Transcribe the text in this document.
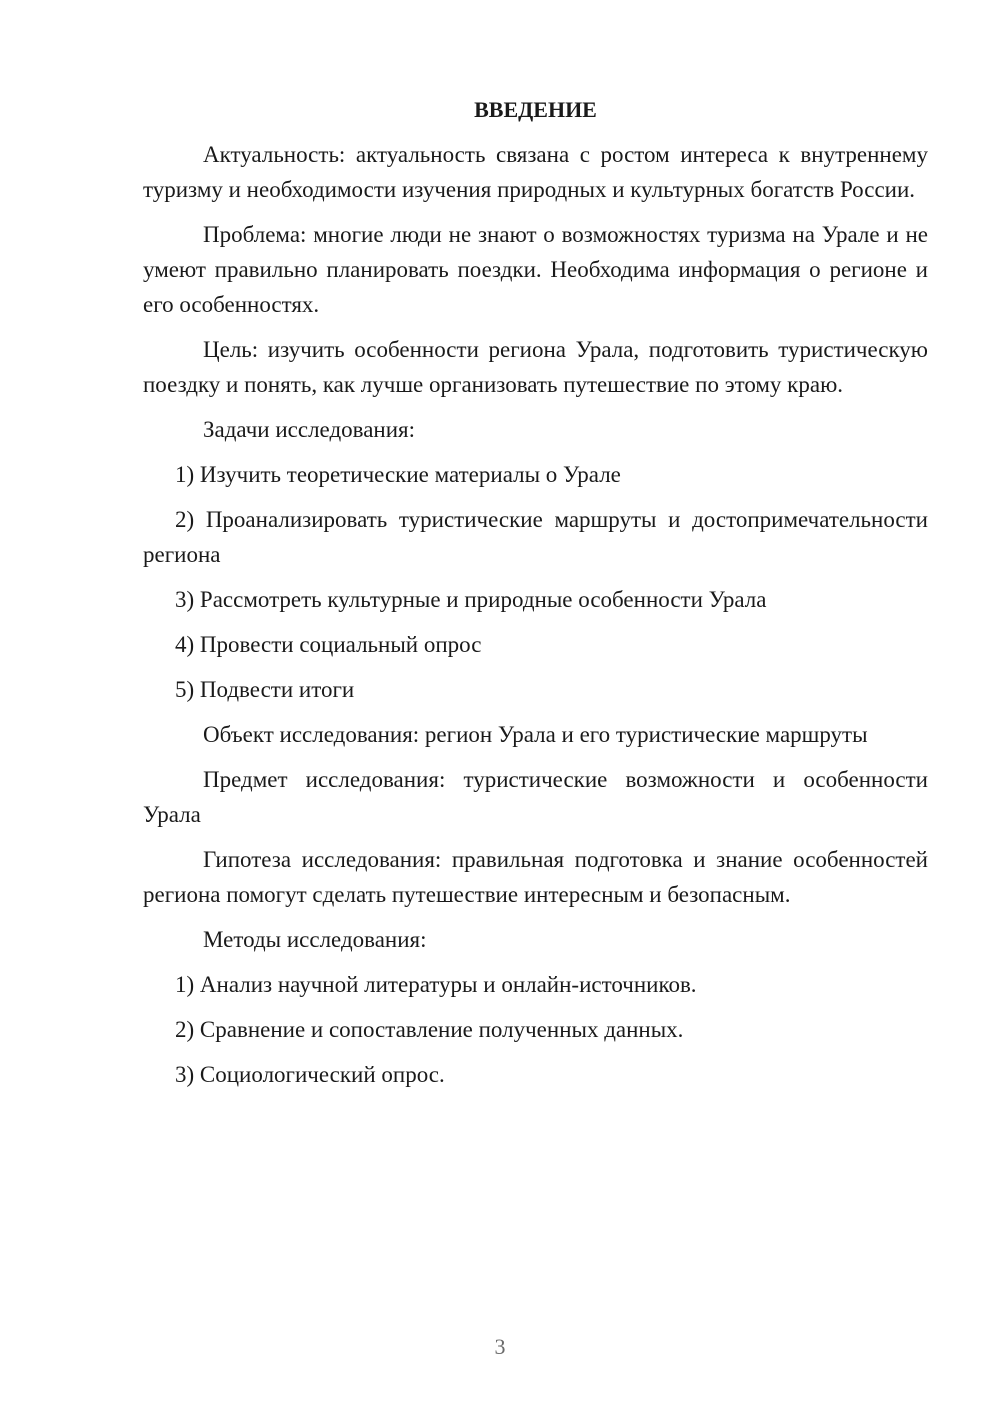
ВВЕДЕНИЕ

Актуальность: актуальность связана с ростом интереса к внутреннему туризму и необходимости изучения природных и культурных богатств России.

Проблема: многие люди не знают о возможностях туризма на Урале и не умеют правильно планировать поездки. Необходима информация о регионе и его особенностях.

Цель: изучить особенности региона Урала, подготовить туристическую поездку и понять, как лучше организовать путешествие по этому краю.

Задачи исследования:

1) Изучить теоретические материалы о Урале

2) Проанализировать туристические маршруты и достопримечательности региона

3) Рассмотреть культурные и природные особенности Урала

4) Провести социальный опрос

5) Подвести итоги

Объект исследования: регион Урала и его туристические маршруты

Предмет исследования: туристические возможности и особенности Урала

Гипотеза исследования: правильная подготовка и знание особенностей региона помогут сделать путешествие интересным и безопасным.

Методы исследования:

1) Анализ научной литературы и онлайн-источников.

2) Сравнение и сопоставление полученных данных.

3) Социологический опрос.

3
